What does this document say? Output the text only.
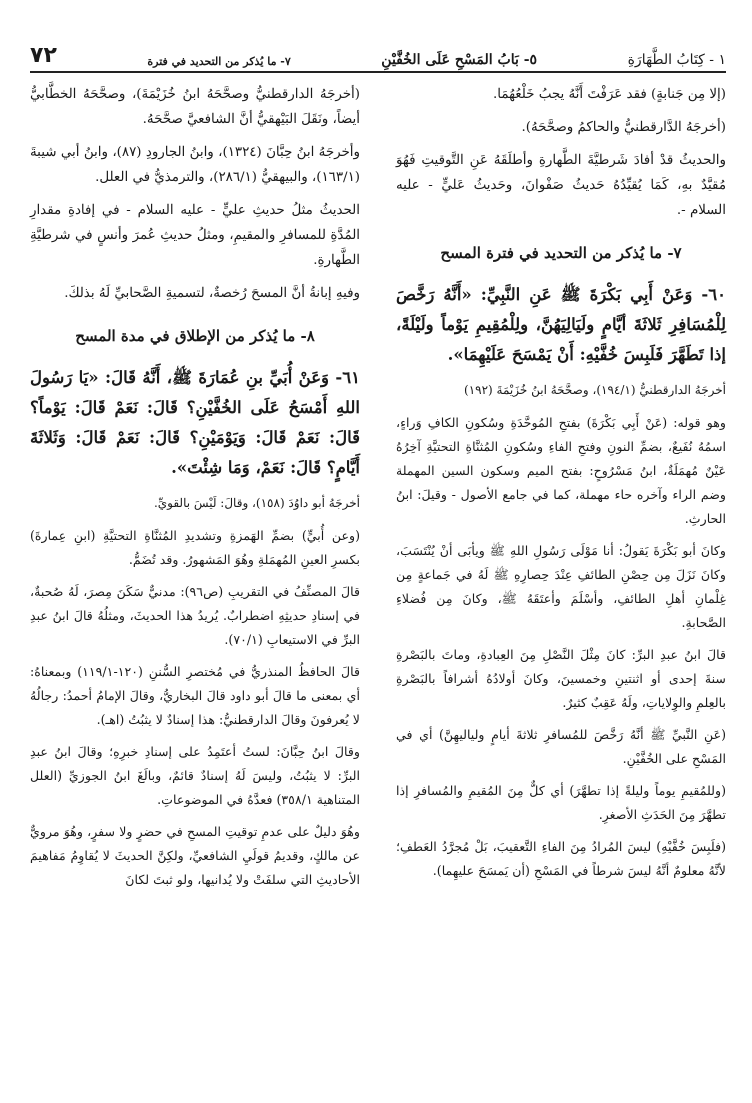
١ - كِتَابُ الطَّهَارَةِ
٥- بَابُ المَسْحِ عَلَى الخُفَّيْنِ
٧- ما يُذكر من التحديد في فترة
٧٢

(إلا مِن جَنابةٍ) فقد عَرَفْتَ أَنَّهُ يجبُ خَلْعُهُمَا.

(أخرجَهُ الدَّارقطنيُّ والحاكمُ وصحَّحَهُ).

والحديثُ قدْ أفادَ شَرطيَّةَ الطَّهارةِ وأطلَقَهُ عَنِ التَّوقيتِ فَهُوَ مُقيَّدٌ بهِ، كَمَا يُقيِّدُهُ حَديثُ صَفْوانَ، وحَديثُ عَليٍّ - عليه السلام -.

٧- ما يُذكر من التحديد في فترة المسح

٦٠- وَعَنْ أَبِي بَكْرَةَ ﷺ عَنِ النَّبِيِّ: «أَنَّهُ رَخَّصَ لِلْمُسَافِرِ ثَلاثَةَ أيَّامٍ ولَيَالِيَهُنَّ، ولِلْمُقِيمِ يَوْماً ولَيْلَةً، إذا تَطَهَّرَ فَلَبِسَ خُفَّيْهِ: أَنْ يَمْسَحَ عَلَيْهِمَا».

أخرجَهُ الدارقطنيُّ (١٩٤/١)، وصحَّحَهُ ابنُ خُزَيْمَةَ (١٩٢)

وهو قوله: (عَنْ أَبِي بَكْرَةَ) بفتحِ المُوحَّدَةِ وسُكونِ الكافِ وَراءٍ، اسمُهُ نُفَيعٌ، بضمِّ النونِ وفتحِ الفاءِ وسُكونِ المُثنَّاةِ التحتيَّةِ آخِرُهُ عَيْنٌ مُهمَلَةٌ، ابنُ مَسْرُوحٍ: بفتح الميم وسكون السين المهملة وضم الراء وآخره حاء مهملة، كما في جامع الأصول - وقيلَ: ابنُ الحارثِ.

وكانَ أبو بَكْرَةَ يَقولُ: أنا مَوْلَى رَسُولِ اللهِ ﷺ ويأبَى أنْ يُنْتَسَبَ، وكانَ نَزَلَ مِن حِصْنِ الطائفِ عِنْدَ حِصارِهِ ﷺ لَهُ في جَماعةٍ مِن غِلْمانِ أهلِ الطائفِ، وأسْلَمَ وأعتَقَهُ ﷺ، وكانَ مِن فُضلاءِ الصَّحابةِ.

قالَ ابنُ عبدِ البرِّ: كانَ مِثْلَ النَّصْلِ مِنَ العِبادةِ، وماتَ بالبَصْرةِ سنةَ إحدى أو اثنتينِ وخمسينَ، وكانَ أولادُهُ أشرافاً بالبَصْرةِ بالعِلمِ والوِلاياتِ، ولَهُ عَقِبٌ كثيرٌ.

(عَنِ النَّبيِّ ﷺ أنَّهُ رَخَّصَ للمُسافرِ ثلاثةَ أيامٍ ولياليهِنَّ) أي في المَسْحِ على الخُفَّيْنِ.

(وللمُقيمِ يوماً وليلةً إذا تطهَّرَ) أي كلٌّ مِنَ المُقيمِ والمُسافرِ إذا تطهَّرَ مِنَ الحَدَثِ الأصغرِ.

(فلَبِسَ خُفَّيْهِ) ليسَ المُرادُ مِنَ الفاءِ التَّعقيبَ، بَلْ مُجرَّدُ العَطفِ؛ لأنَّهُ معلومٌ أنَّهُ ليسَ شرطاً في المَسْحِ (أن يَمسَحَ عليهِما).

(أخرجَهُ الدارقطنيُّ وصحَّحَهُ ابنُ خُزَيْمَةَ)، وصحَّحَهُ الخطَّابيُّ أيضاً، ونَقَلَ البَيْهقيُّ أنَّ الشافعيَّ صحَّحَهُ.

وأخرجَهُ ابنُ حِبَّانَ (١٣٢٤)، وابنُ الجارودِ (٨٧)، وابنُ أبي شيبةَ (١٦٣/١)، والبيهقيُّ (٢٨٦/١)، والترمذيُّ في العلل.

الحديثُ مثلُ حديثِ عليٍّ - عليه السلام - في إفادةِ مقدارِ المُدَّةِ للمسافرِ والمقيمِ، ومثلُ حديثِ عُمرَ وأنسٍ في شرطيَّةِ الطَّهارةِ.

وفيهِ إبانةُ أنَّ المسحَ رُخصةٌ، لتسميةِ الصَّحابيِّ لَهُ بذلكَ.

٨- ما يُذكر من الإطلاق في مدة المسح

٦١- وَعَنْ أُبَيِّ بنِ عُمَارَةَ ﷺ، أَنَّهُ قَالَ: «يَا رَسُولَ اللهِ أَمْسَحُ عَلَى الخُفَّيْنِ؟ قَالَ: نَعَمْ قَالَ: يَوْماً؟ قَالَ: نَعَمْ قَالَ: وَيَوْمَيْنِ؟ قَالَ: نَعَمْ قَالَ: وَثَلاثَةَ أَيَّامٍ؟ قَالَ: نَعَمْ، وَمَا شِئْتَ».

أخرجَهُ أبو داوُدَ (١٥٨)، وقالَ: لَيْسَ بالقويِّ.

(وعن أُبيٍّ) بضمِّ الهَمزةِ وتشديدِ المُثنَّاةِ التحتيَّةِ (ابنِ عِمارةَ) بكسرِ العينِ المُهمَلةِ وهُوَ المَشهورُ. وقد تُضَمُّ.

قالَ المصنِّفُ في التقريبِ (ص٩٦): مدنيٌّ سَكَنَ مِصرَ، لَهُ صُحبةٌ، في إسنادِ حديثِهِ اضطرابٌ. يُريدُ هذا الحديثَ، ومثلُهُ قالَ ابنُ عبدِ البرِّ في الاستيعابِ (٧٠/١).

قالَ الحافظُ المنذريُّ في مُختصرِ السُّننِ (١٢٠-١١٩/١) وبمعناهُ: أي بمعنى ما قالَ أبو داود قالَ البخاريُّ، وقالَ الإمامُ أحمدُ: رجالُهُ لا يُعرفونَ وقالَ الدارقطنيُّ: هذا إسنادٌ لا يثبُتُ (اهـ).

وقالَ ابنُ حِبَّانَ: لستُ أعتَمِدُ على إسنادِ خبرِهِ؛ وقالَ ابنُ عبدِ البرِّ: لا يثبُتُ، وليسَ لَهُ إسنادٌ قائمٌ، وبالَغَ ابنُ الجوزيِّ (العلل المتناهية ٣٥٨/١) فعدَّهُ في الموضوعاتِ.

وهُوَ دليلٌ على عدمِ توقيتِ المسحِ في حضرٍ ولا سفرٍ، وهُوَ مرويٌّ عن مالكٍ، وقديمُ قولَيِ الشافعيِّ، ولكِنَّ الحديثَ لا يُقاوِمُ مَفاهيمَ الأحاديثِ التي سلفَتْ ولا يُدانيها، ولو ثبتَ لكانَ
